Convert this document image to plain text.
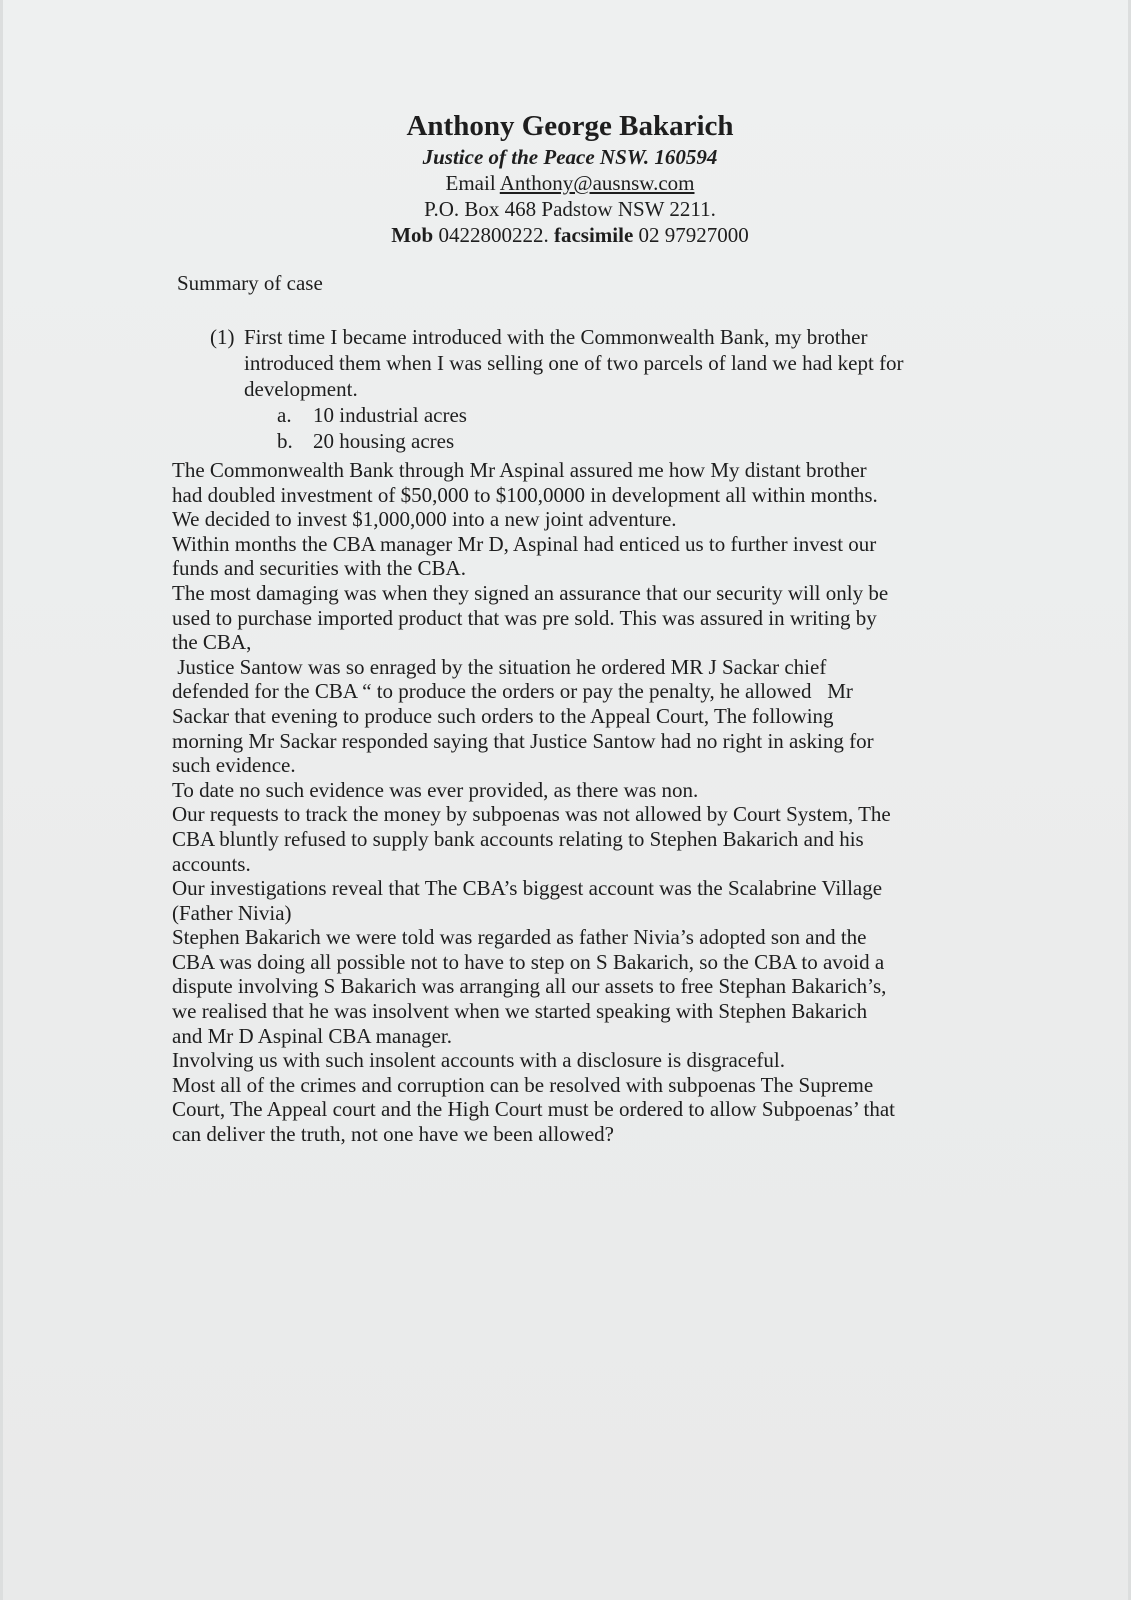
Anthony George Bakarich
Justice of the Peace NSW. 160594
Email Anthony@ausnsw.com
P.O. Box 468 Padstow NSW 2211.
Mob 0422800222. facsimile 02 97927000
Summary of case
(1) First time I became introduced with the Commonwealth Bank, my brother
introduced them when I was selling one of two parcels of land we had kept for
development.
a. 10 industrial acres
b. 20 housing acres

The Commonwealth Bank through Mr Aspinal assured me how My distant brother

had doubled investment of $50,000 to $100,0000 in development all within months.

We decided to invest $1,000,000 into a new joint adventure.

Within months the CBA manager Mr D, Aspinal had enticed us to further invest our

funds and securities with the CBA.

The most damaging was when they signed an assurance that our security will only be

used to purchase imported product that was pre sold. This was assured in writing by

the CBA,

Justice Santow was so enraged by the situation he ordered MR J Sackar chief

defended for the CBA “ to produce the orders or pay the penalty, he allowed   Mr

Sackar that evening to produce such orders to the Appeal Court, The following

morning Mr Sackar responded saying that Justice Santow had no right in asking for

such evidence.

To date no such evidence was ever provided, as there was non.

Our requests to track the money by subpoenas was not allowed by Court System, The

CBA bluntly refused to supply bank accounts relating to Stephen Bakarich and his

accounts.

Our investigations reveal that The CBA’s biggest account was the Scalabrine Village

(Father Nivia)

Stephen Bakarich we were told was regarded as father Nivia’s adopted son and the

CBA was doing all possible not to have to step on S Bakarich, so the CBA to avoid a

dispute involving S Bakarich was arranging all our assets to free Stephan Bakarich’s,

we realised that he was insolvent when we started speaking with Stephen Bakarich

and Mr D Aspinal CBA manager.

Involving us with such insolent accounts with a disclosure is disgraceful.

Most all of the crimes and corruption can be resolved with subpoenas The Supreme

Court, The Appeal court and the High Court must be ordered to allow Subpoenas’ that

can deliver the truth, not one have we been allowed?
